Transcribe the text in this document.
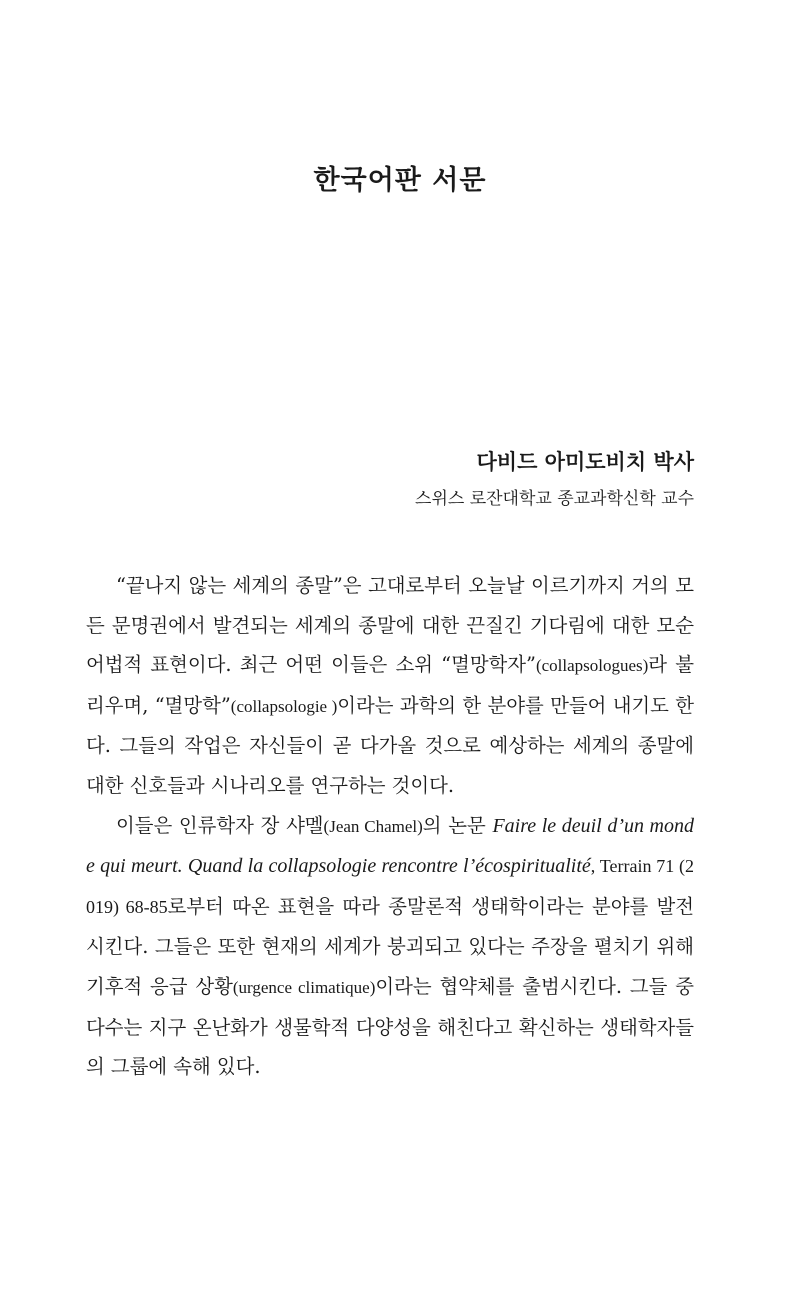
한국어판 서문
다비드 아미도비치 박사
스위스 로잔대학교 종교과학신학 교수

“끝나지 않는 세계의 종말”은 고대로부터 오늘날 이르기까지 거의 모든 문명권에서 발견되는 세계의 종말에 대한 끈질긴 기다림에 대한 모순어법적 표현이다. 최근 어떤 이들은 소위 “멸망학자”(collapsologues)라 불리우며, “멸망학”(collapsologie )이라는 과학의 한 분야를 만들어 내기도 한다. 그들의 작업은 자신들이 곧 다가올 것으로 예상하는 세계의 종말에 대한 신호들과 시나리오를 연구하는 것이다.

이들은 인류학자 장 샤멜(Jean Chamel)의 논문 Faire le deuil d’un monde qui meurt. Quand la collapsologie rencontre l’écospiritualité, Terrain 71 (2019) 68-85로부터 따온 표현을 따라 종말론적 생태학이라는 분야를 발전시킨다. 그들은 또한 현재의 세계가 붕괴되고 있다는 주장을 펼치기 위해 기후적 응급 상황(urgence climatique)이라는 협약체를 출범시킨다. 그들 중 다수는 지구 온난화가 생물학적 다양성을 해친다고 확신하는 생태학자들의 그룹에 속해 있다.
